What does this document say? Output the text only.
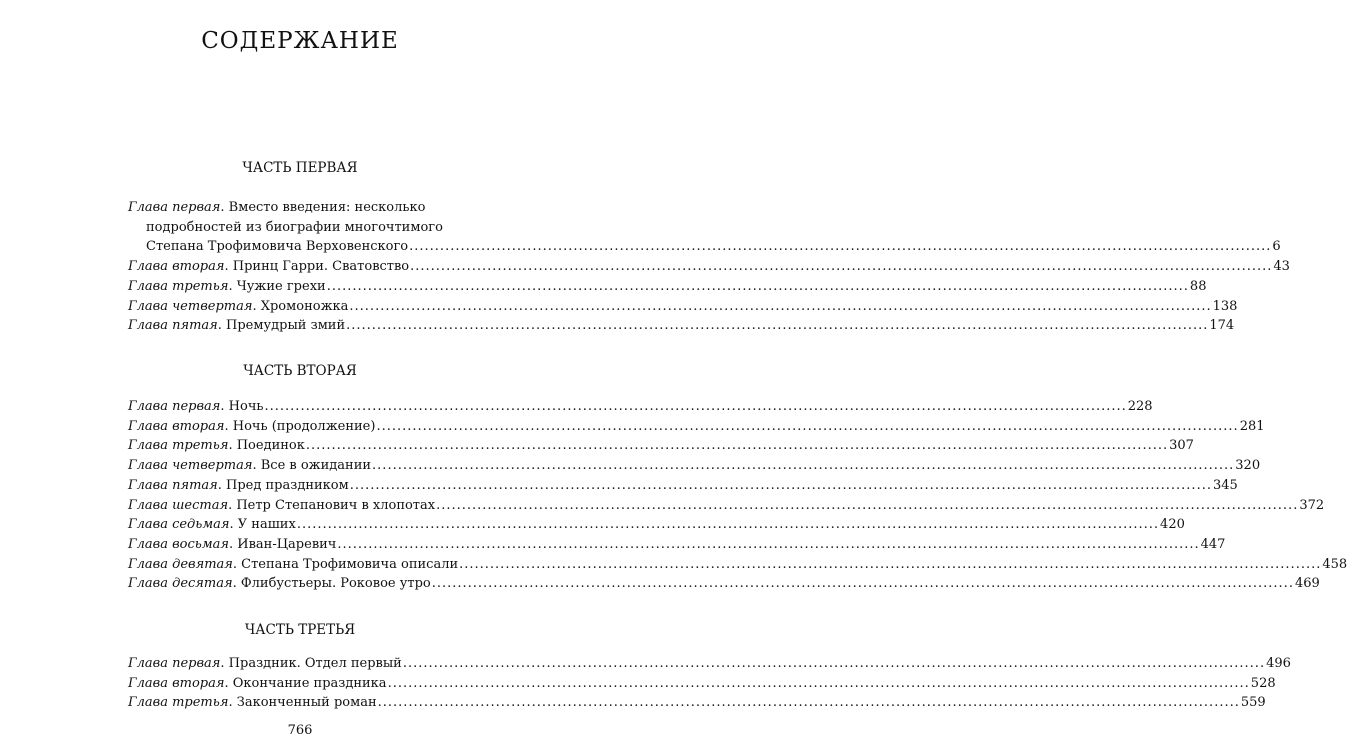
СОДЕРЖАНИЕ
ЧАСТЬ ПЕРВАЯ
Глава первая. Вместо введения: несколько
подробностей из биографии многочтимого
Степана Трофимовича Верховенского .....	6
Глава вторая. Принц Гарри. Сватовство .....	43
Глава третья. Чужие грехи .....	88
Глава четвертая. Хромоножка .....	138
Глава пятая. Премудрый змий .....	174
ЧАСТЬ ВТОРАЯ
Глава первая. Ночь .....	228
Глава вторая. Ночь (продолжение) .....	281
Глава третья. Поединок .....	307
Глава четвертая. Все в ожидании .....	320
Глава пятая. Пред праздником .....	345
Глава шестая. Петр Степанович в хлопотах .....	372
Глава седьмая. У наших .....	420
Глава восьмая. Иван-Царевич .....	447
Глава девятая. Степана Трофимовича описали .....	458
Глава десятая. Флибустьеры. Роковое утро .....	469
ЧАСТЬ ТРЕТЬЯ
Глава первая. Праздник. Отдел первый .....	496
Глава вторая. Окончание праздника .....	528
Глава третья. Законченный роман .....	559
766
